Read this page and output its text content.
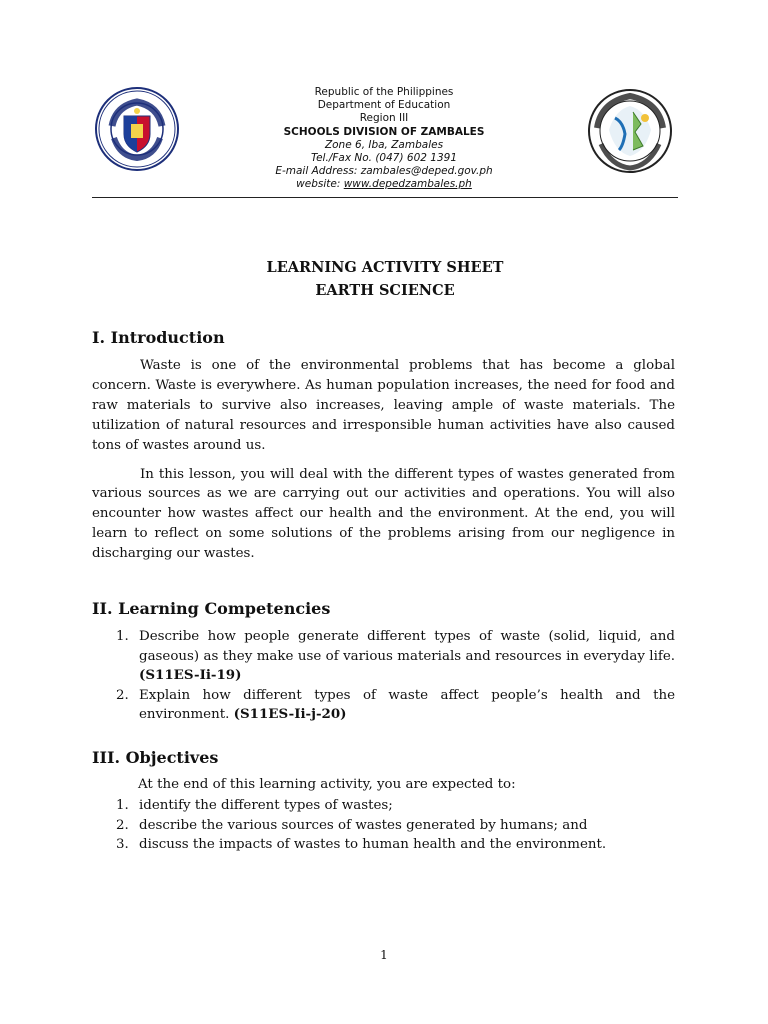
Republic of the Philippines
Department of Education
Region III
SCHOOLS DIVISION OF ZAMBALES
Zone 6, Iba, Zambales
Tel./Fax No. (047) 602 1391
E-mail Address: zambales@deped.gov.ph
website: www.depedzambales.ph
LEARNING ACTIVITY SHEET
EARTH SCIENCE
I. Introduction

Waste is one of the environmental problems that has become a global concern. Waste is everywhere. As human population increases, the need for food and raw materials to survive also increases, leaving ample of waste materials. The utilization of natural resources and irresponsible human activities have also caused tons of wastes around us.

In this lesson, you will deal with the different types of wastes generated from various sources as we are carrying out our activities and operations. You will also encounter how wastes affect our health and the environment. At the end, you will learn to reflect on some solutions of the problems arising from our negligence in discharging our wastes.

II. Learning Competencies
1. Describe how people generate different types of waste (solid, liquid, and gaseous) as they make use of various materials and resources in everyday life. (S11ES-Ii-19)
2. Explain how different types of waste affect people’s health and the environment. (S11ES-Ii-j-20)
III. Objectives
At the end of this learning activity, you are expected to:
1. identify the different types of wastes;
2. describe the various sources of wastes generated by humans; and
3. discuss the impacts of wastes to human health and the environment.
1
